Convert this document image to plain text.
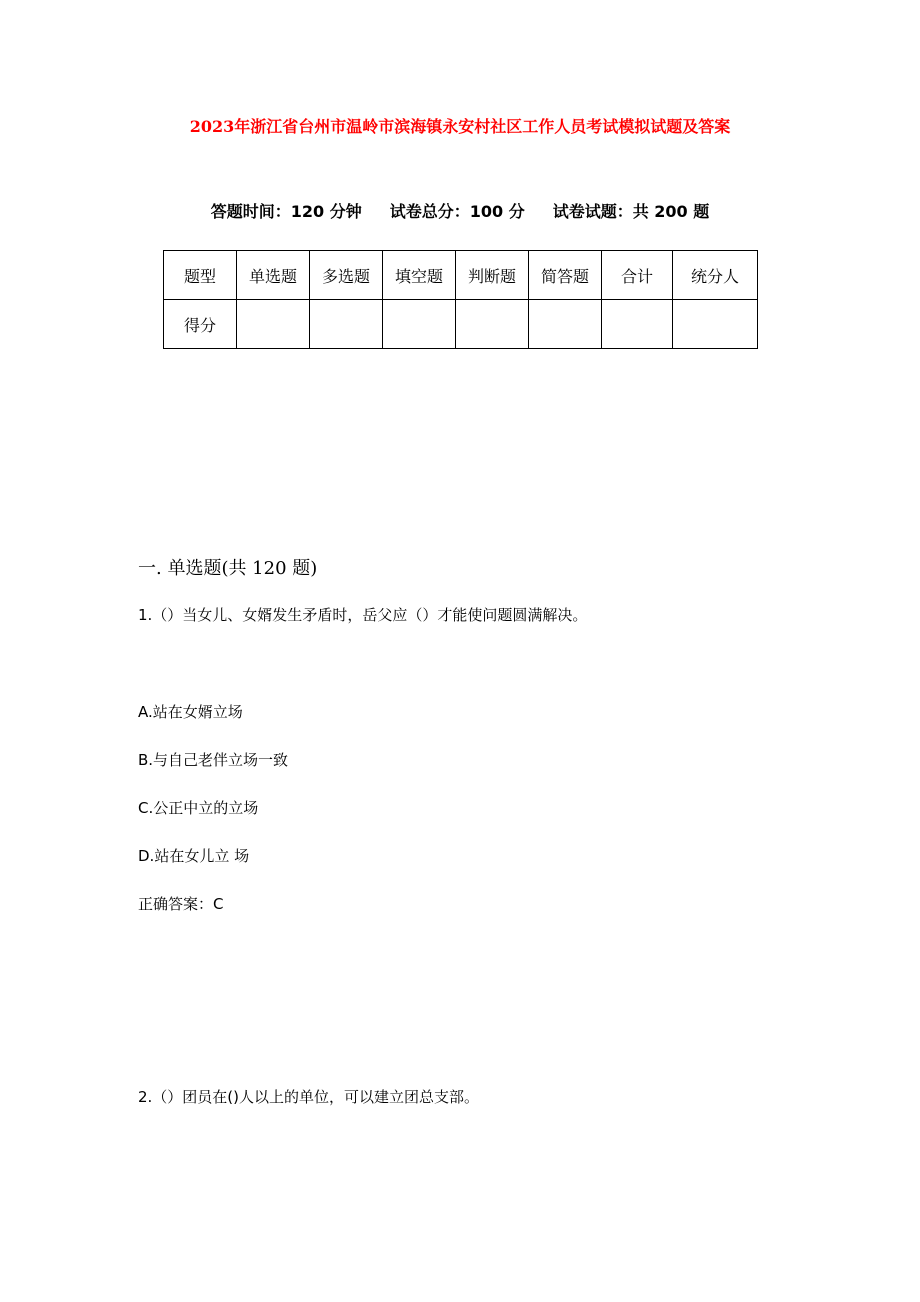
2023年浙江省台州市温岭市滨海镇永安村社区工作人员考试模拟试题及答案
答题时间：120 分钟 试卷总分：100 分 试卷试题：共 200 题
题型	单选题	多选题	填空题	判断题	简答题	合计	统分人
得分							
一. 单选题(共 120 题)
1.（）当女儿、女婿发生矛盾时，岳父应（）才能使问题圆满解决。
A.站在女婿立场
B.与自己老伴立场一致
C.公正中立的立场
D.站在女儿立 场
正确答案：C
2.（）团员在()人以上的单位，可以建立团总支部。
